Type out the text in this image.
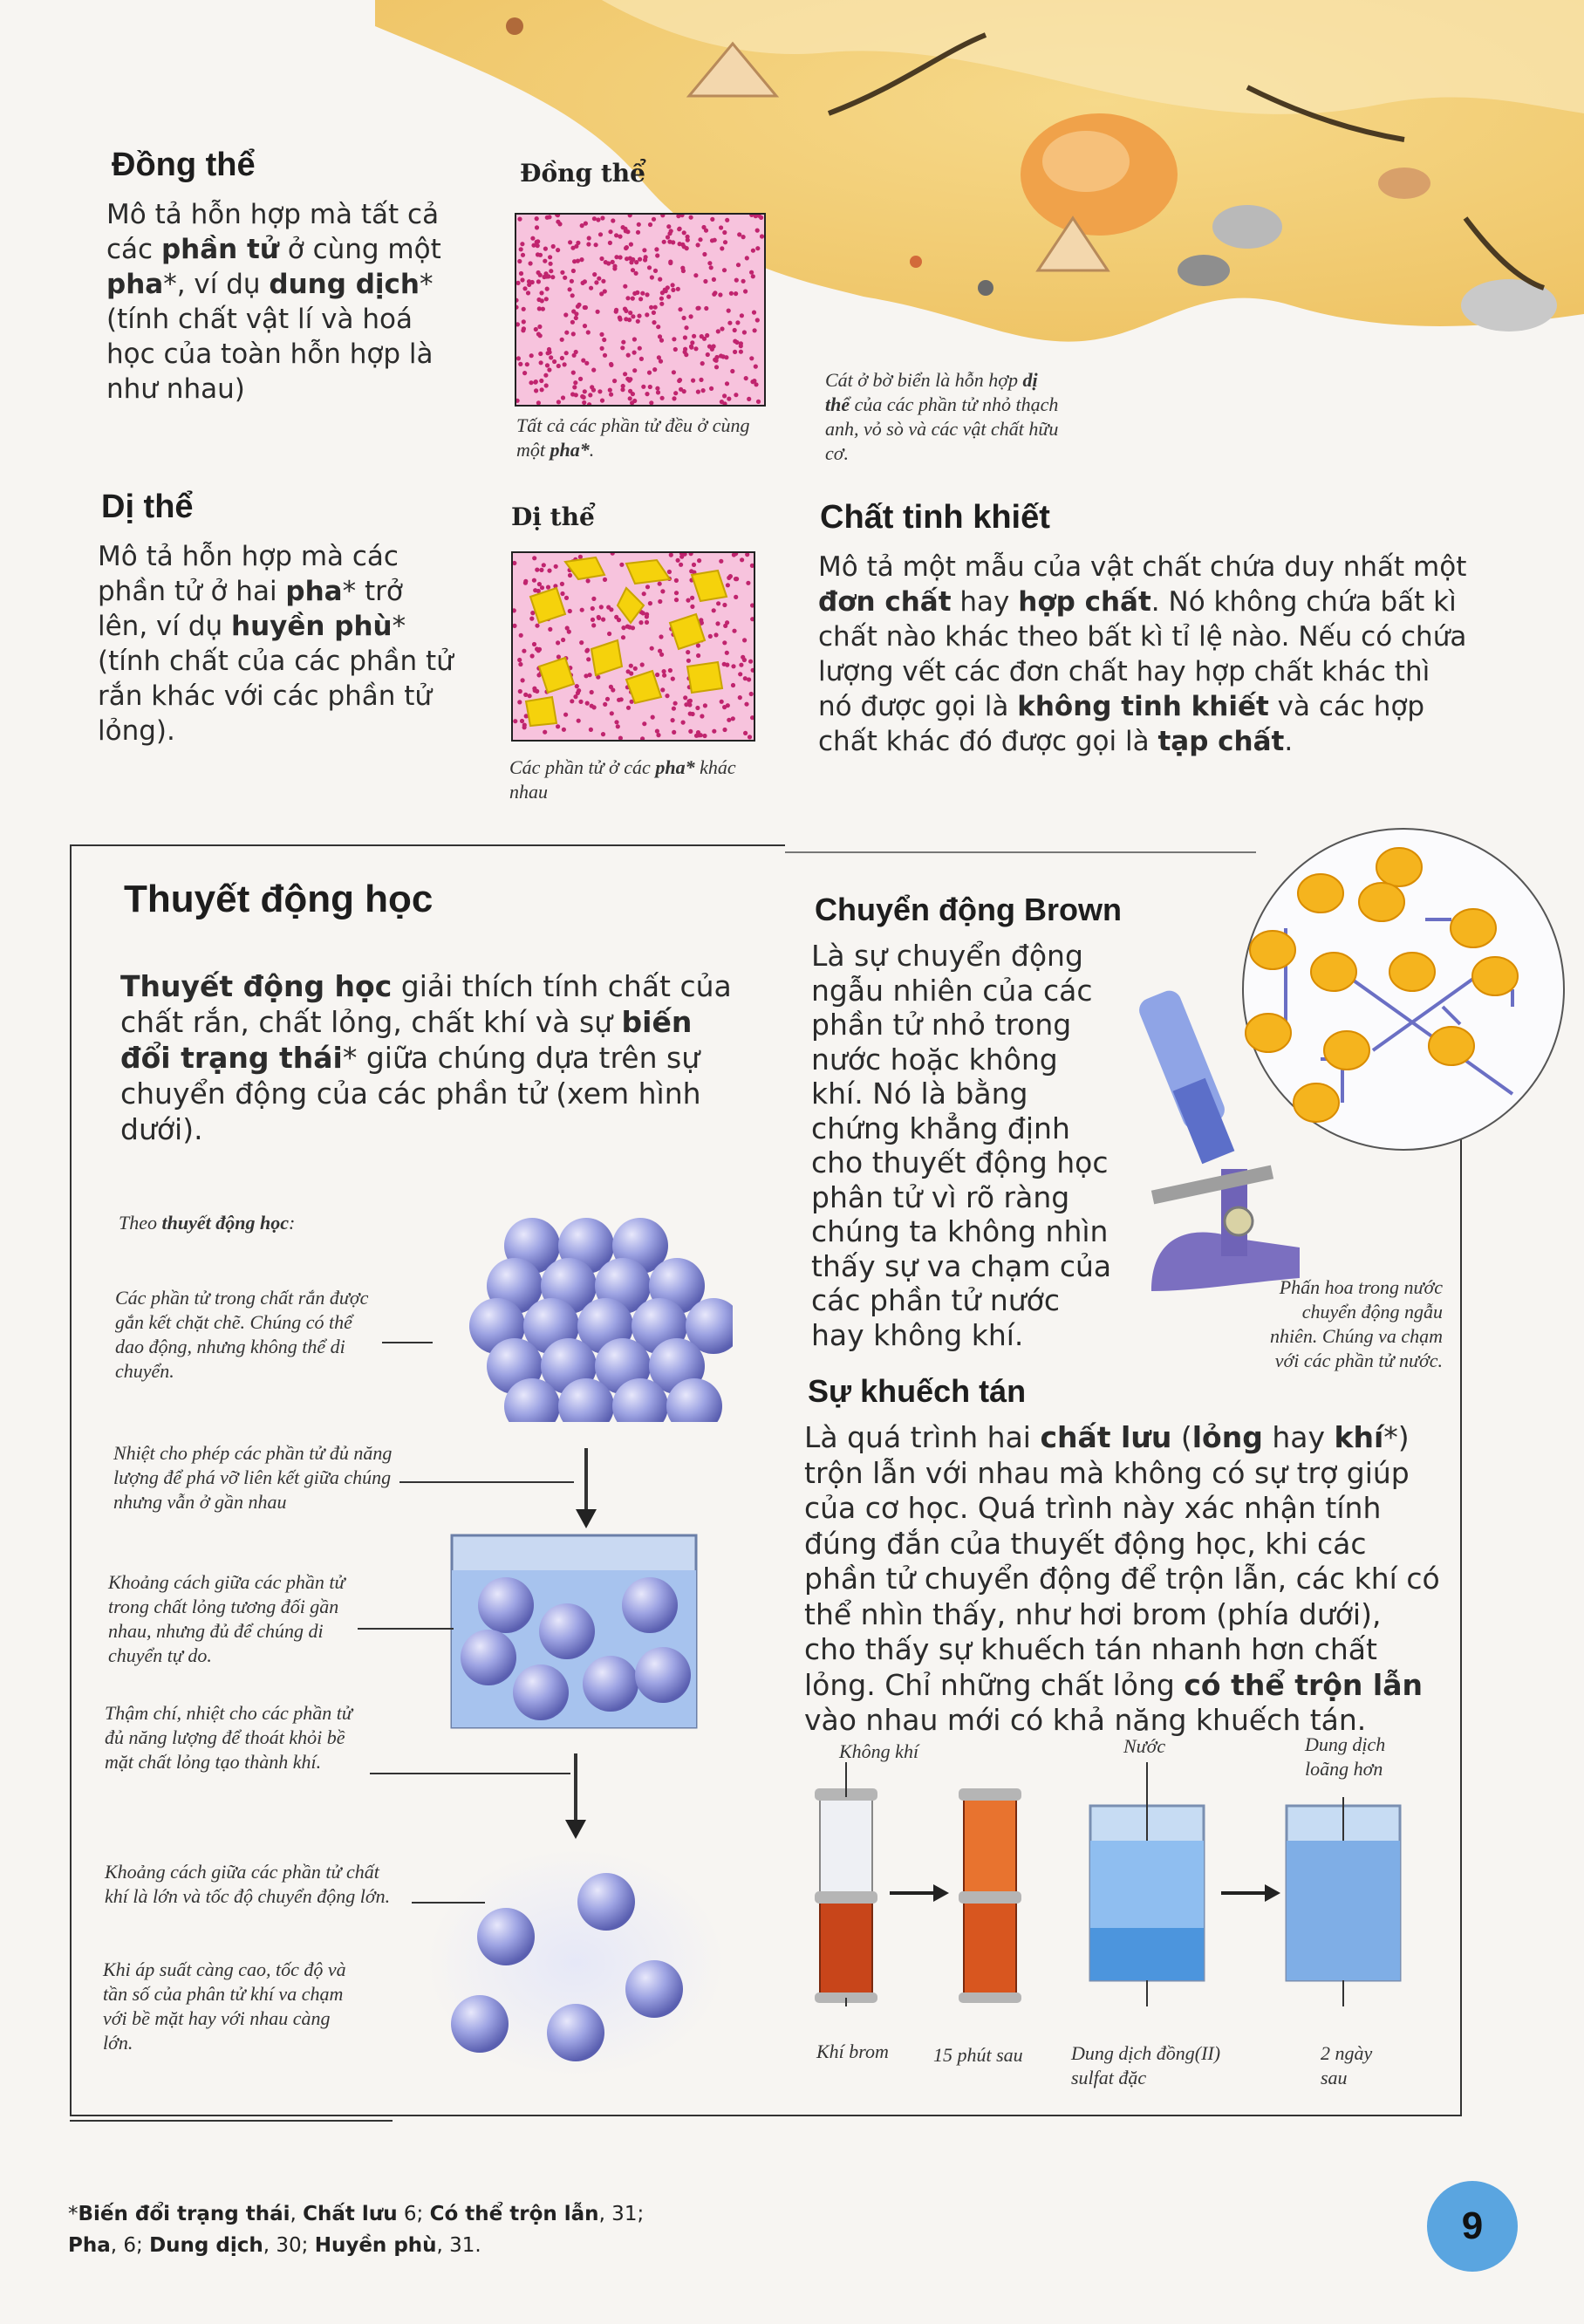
Đồng thể
Mô tả hỗn hợp mà tất cả các phần tử ở cùng một pha*, ví dụ dung dịch* (tính chất vật lí và hoá học của toàn hỗn hợp là như nhau)
Đồng thể
Tất cả các phần tử đều ở cùng một pha*.
Cát ở bờ biển là hỗn hợp dị thể của các phần tử nhỏ thạch anh, vỏ sò và các vật chất hữu cơ.
Dị thể
Mô tả hỗn hợp mà các phần tử ở hai pha* trở lên, ví dụ huyền phù* (tính chất của các phần tử rắn khác với các phần tử lỏng).
Dị thể
Các phần tử ở các pha* khác nhau
Chất tinh khiết
Mô tả một mẫu của vật chất chứa duy nhất một đơn chất hay hợp chất. Nó không chứa bất kì chất nào khác theo bất kì tỉ lệ nào. Nếu có chứa lượng vết các đơn chất hay hợp chất khác thì nó được gọi là không tinh khiết và các hợp chất khác đó được gọi là tạp chất.
Thuyết động học
Thuyết động học giải thích tính chất của chất rắn, chất lỏng, chất khí và sự biến đổi trạng thái* giữa chúng dựa trên sự chuyển động của các phần tử (xem hình dưới).
Theo thuyết động học:
Các phần tử trong chất rắn được gắn kết chặt chẽ. Chúng có thể dao động, nhưng không thể di chuyển.
Nhiệt cho phép các phần tử đủ năng lượng để phá vỡ liên kết giữa chúng nhưng vẫn ở gần nhau
Khoảng cách giữa các phần tử trong chất lỏng tương đối gần nhau, nhưng đủ để chúng di chuyển tự do.
Thậm chí, nhiệt cho các phần tử đủ năng lượng để thoát khỏi bề mặt chất lỏng tạo thành khí.
Khoảng cách giữa các phần tử chất khí là lớn và tốc độ chuyển động lớn.
Khi áp suất càng cao, tốc độ và tần số của phân tử khí va chạm với bề mặt hay với nhau càng lớn.
Chuyển động Brown
Là sự chuyển động ngẫu nhiên của các phần tử nhỏ trong nước hoặc không khí. Nó là bằng chứng khẳng định cho thuyết động học phân tử vì rõ ràng chúng ta không nhìn thấy sự va chạm của các phần tử nước hay không khí.
Phấn hoa trong nước chuyển động ngẫu nhiên. Chúng va chạm với các phần tử nước.
Sự khuếch tán
Là quá trình hai chất lưu (lỏng hay khí*) trộn lẫn với nhau mà không có sự trợ giúp của cơ học. Quá trình này xác nhận tính đúng đắn của thuyết động học, khi các phần tử chuyển động để trộn lẫn, các khí có thể nhìn thấy, như hơi brom (phía dưới), cho thấy sự khuếch tán nhanh hơn chất lỏng. Chỉ những chất lỏng có thể trộn lẫn vào nhau mới có khả năng khuếch tán.
Không khí	Nước	Dung dịch loãng hơn
Khí brom 15 phút sau	Dung dịch đồng(II) sulfat đặc
2 ngày sau
*Biến đổi trạng thái, Chất lưu 6; Có thể trộn lẫn, 31;
Pha, 6; Dung dịch, 30; Huyền phù, 31.	9
